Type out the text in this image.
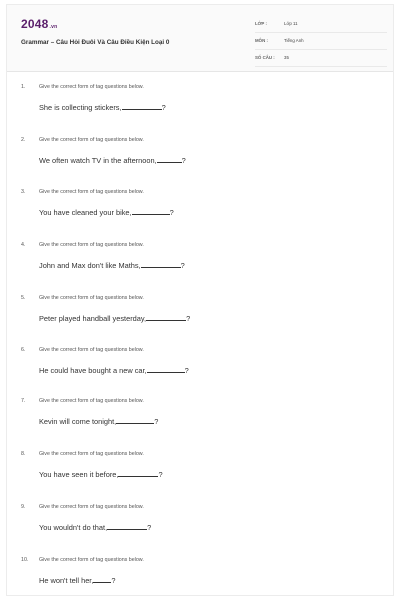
2048.vn
Grammar – Câu Hỏi Đuôi Và Câu Điều Kiện Loại 0
LỚP :	Lớp 11
MÔN :	Tiếng Anh
SỐ CÂU : 35
1.	Give the correct form of tag questions below.
She is collecting stickers,	?
2.	Give the correct form of tag questions below.
We often watch TV in the afternoon,	?
3.	Give the correct form of tag questions below.
You have cleaned your bike,	?
4.	Give the correct form of tag questions below.
John and Max don't like Maths,	?
5.	Give the correct form of tag questions below.
Peter played handball yesterday,	?
6.	Give the correct form of tag questions below.
He could have bought a new car,	?
7.	Give the correct form of tag questions below.
Kevin will come tonight,	?
8.	Give the correct form of tag questions below.
You have seen it before,	?
9.	Give the correct form of tag questions below.
You wouldn't do that,	?
10. Give the correct form of tag questions below.
He won't tell her, ?
